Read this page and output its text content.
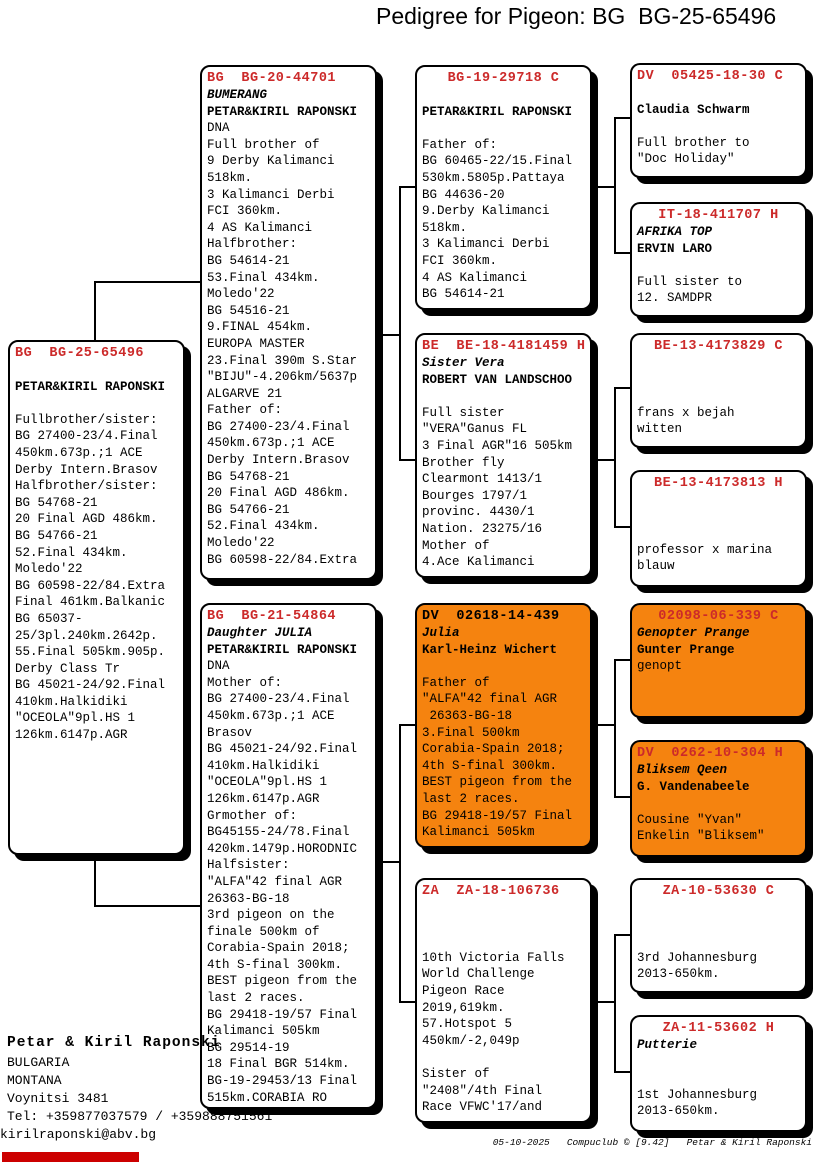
Pedigree for Pigeon: BG  BG-25-65496
BG  BG-25-65496

PETAR&KIRIL RAPONSKI

Fullbrother/sister:
BG 27400-23/4.Final
450km.673p.;1 ACE
Derby Intern.Brasov
Halfbrother/sister:
BG 54768-21
20 Final AGD 486km.
BG 54766-21
52.Final 434km.
Moledo'22
BG 60598-22/84.Extra
Final 461km.Balkanic
BG 65037-
25/3pl.240km.2642p.
55.Final 505km.905p.
Derby Class Tr
BG 45021-24/92.Final
410km.Halkidiki
"OCEOLA"9pl.HS 1
126km.6147p.AGR
BG  BG-20-44701
BUMERANG
PETAR&KIRIL RAPONSKI
DNA
Full brother of
9 Derby Kalimanci
518km.
3 Kalimanci Derbi
FCI 360km.
4 AS Kalimanci
Halfbrother:
BG 54614-21
53.Final 434km.
Moledo'22
BG 54516-21
9.FINAL 454km.
EUROPA MASTER
23.Final 390m S.Star
"BIJU"-4.206km/5637p
ALGARVE 21
Father of:
BG 27400-23/4.Final
450km.673p.;1 ACE
Derby Intern.Brasov
BG 54768-21
20 Final AGD 486km.
BG 54766-21
52.Final 434km.
Moledo'22
BG 60598-22/84.Extra
BG  BG-21-54864
Daughter JULIA
PETAR&KIRIL RAPONSKI
DNA
Mother of:
BG 27400-23/4.Final
450km.673p.;1 ACE
Brasov
BG 45021-24/92.Final
410km.Halkidiki
"OCEOLA"9pl.HS 1
126km.6147p.AGR
Grmother of:
BG45155-24/78.Final
420km.1479p.HORODNIC
Halfsister:
"ALFA"42 final AGR
26363-BG-18
3rd pigeon on the
finale 500km of
Corabia-Spain 2018;
4th S-final 300km.
BEST pigeon from the
last 2 races.
BG 29418-19/57 Final
Kalimanci 505km
BG 29514-19
18 Final BGR 514km.
BG-19-29453/13 Final
515km.CORABIA RO
BG-19-29718 C

PETAR&KIRIL RAPONSKI

Father of:
BG 60465-22/15.Final
530km.5805p.Pattaya
BG 44636-20
9.Derby Kalimanci
518km.
3 Kalimanci Derbi
FCI 360km.
4 AS Kalimanci
BG 54614-21
BE  BE-18-4181459 H
Sister Vera
ROBERT VAN LANDSCHOO

Full sister
"VERA"Ganus FL
3 Final AGR"16 505km
Brother fly
Clearmont 1413/1
Bourges 1797/1
provinc. 4430/1
Nation. 23275/16
Mother of
4.Ace Kalimanci
DV  02618-14-439
Julia
Karl-Heinz Wichert

Father of
"ALFA"42 final AGR
26363-BG-18
3.Final 500km
Corabia-Spain 2018;
4th S-final 300km.
BEST pigeon from the
last 2 races.
BG 29418-19/57 Final
Kalimanci 505km
ZA  ZA-18-106736

10th Victoria Falls
World Challenge
Pigeon Race
2019,619km.
57.Hotspot 5
450km/-2,049p

Sister of
"2408"/4th Final
Race VFWC'17/and
DV  05425-18-30 C

Claudia Schwarm

Full brother to
"Doc Holiday"
IT-18-411707 H
AFRIKA TOP
ERVIN LARO

Full sister to
12. SAMDPR
BE-13-4173829 C

frans x bejah
witten
BE-13-4173813 H

professor x marina
blauw
02098-06-339 C
Genopter Prange
Gunter Prange
genopt
DV  0262-10-304 H
Bliksem Qeen
G. Vandenabeele

Cousine "Yvan"
Enkelin "Bliksem"
ZA-10-53630 C

3rd Johannesburg
2013-650km.
ZA-11-53602 H
Putterie

1st Johannesburg
2013-650km.
Petar & Kiril Raponski
BULGARIA
MONTANA
Voynitsi 3481
Tel: +359877037579 / +359888751561
kirilraponski@abv.bg
05-10-2025   Compuclub © [9.42]   Petar & Kiril Raponski
